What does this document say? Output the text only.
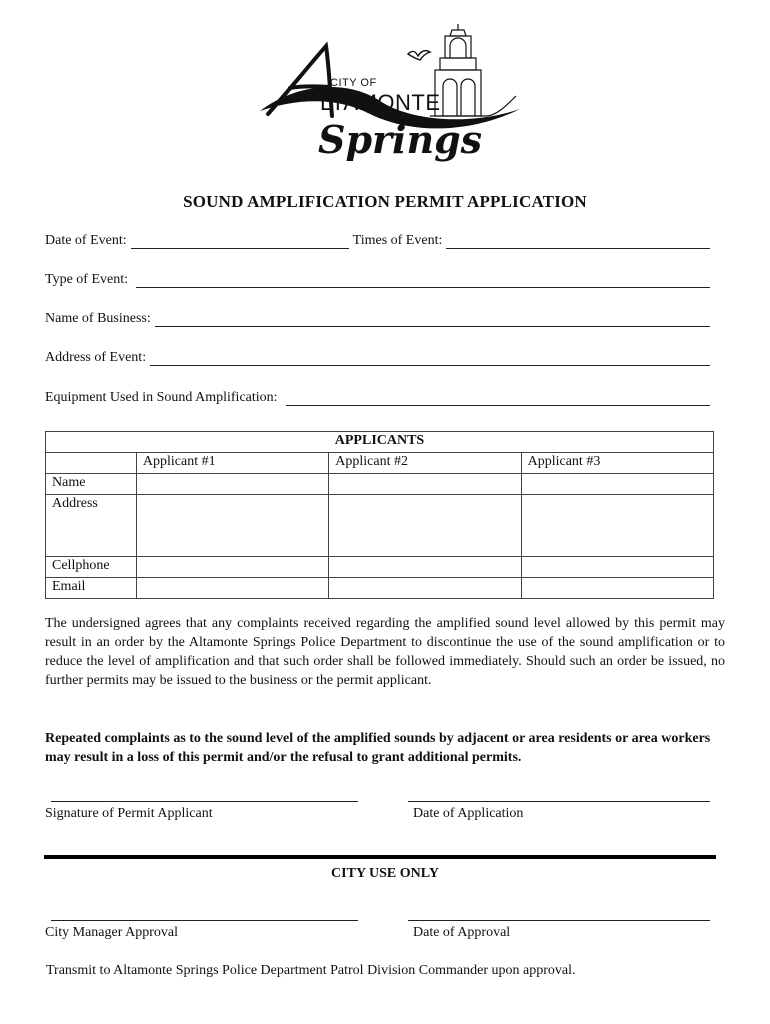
CITY OF
LTAMONTE
Springs
SOUND AMPLIFICATION PERMIT APPLICATION
Date of Event:	Times of Event:
Type of Event:
Name of Business:
Address of Event:
Equipment Used in Sound Amplification:
APPLICANTS			
	Applicant #1	Applicant #2	Applicant #3
Name			
Address			
Cellphone			
Email			
The undersigned agrees that any complaints received regarding the amplified sound level allowed by this permit may result in an order by the Altamonte Springs Police Department to discontinue the use of the sound amplification or to reduce the level of amplification and that such order shall be followed immediately. Should such an order be issued, no further permits may be issued to the business or the permit applicant.
Repeated complaints as to the sound level of the amplified sounds by adjacent or area residents or area workers may result in a loss of this permit and/or the refusal to grant additional permits.
Signature of Permit Applicant	Date of Application
CITY USE ONLY
City Manager Approval	Date of Approval
Transmit to Altamonte Springs Police Department Patrol Division Commander upon approval.
